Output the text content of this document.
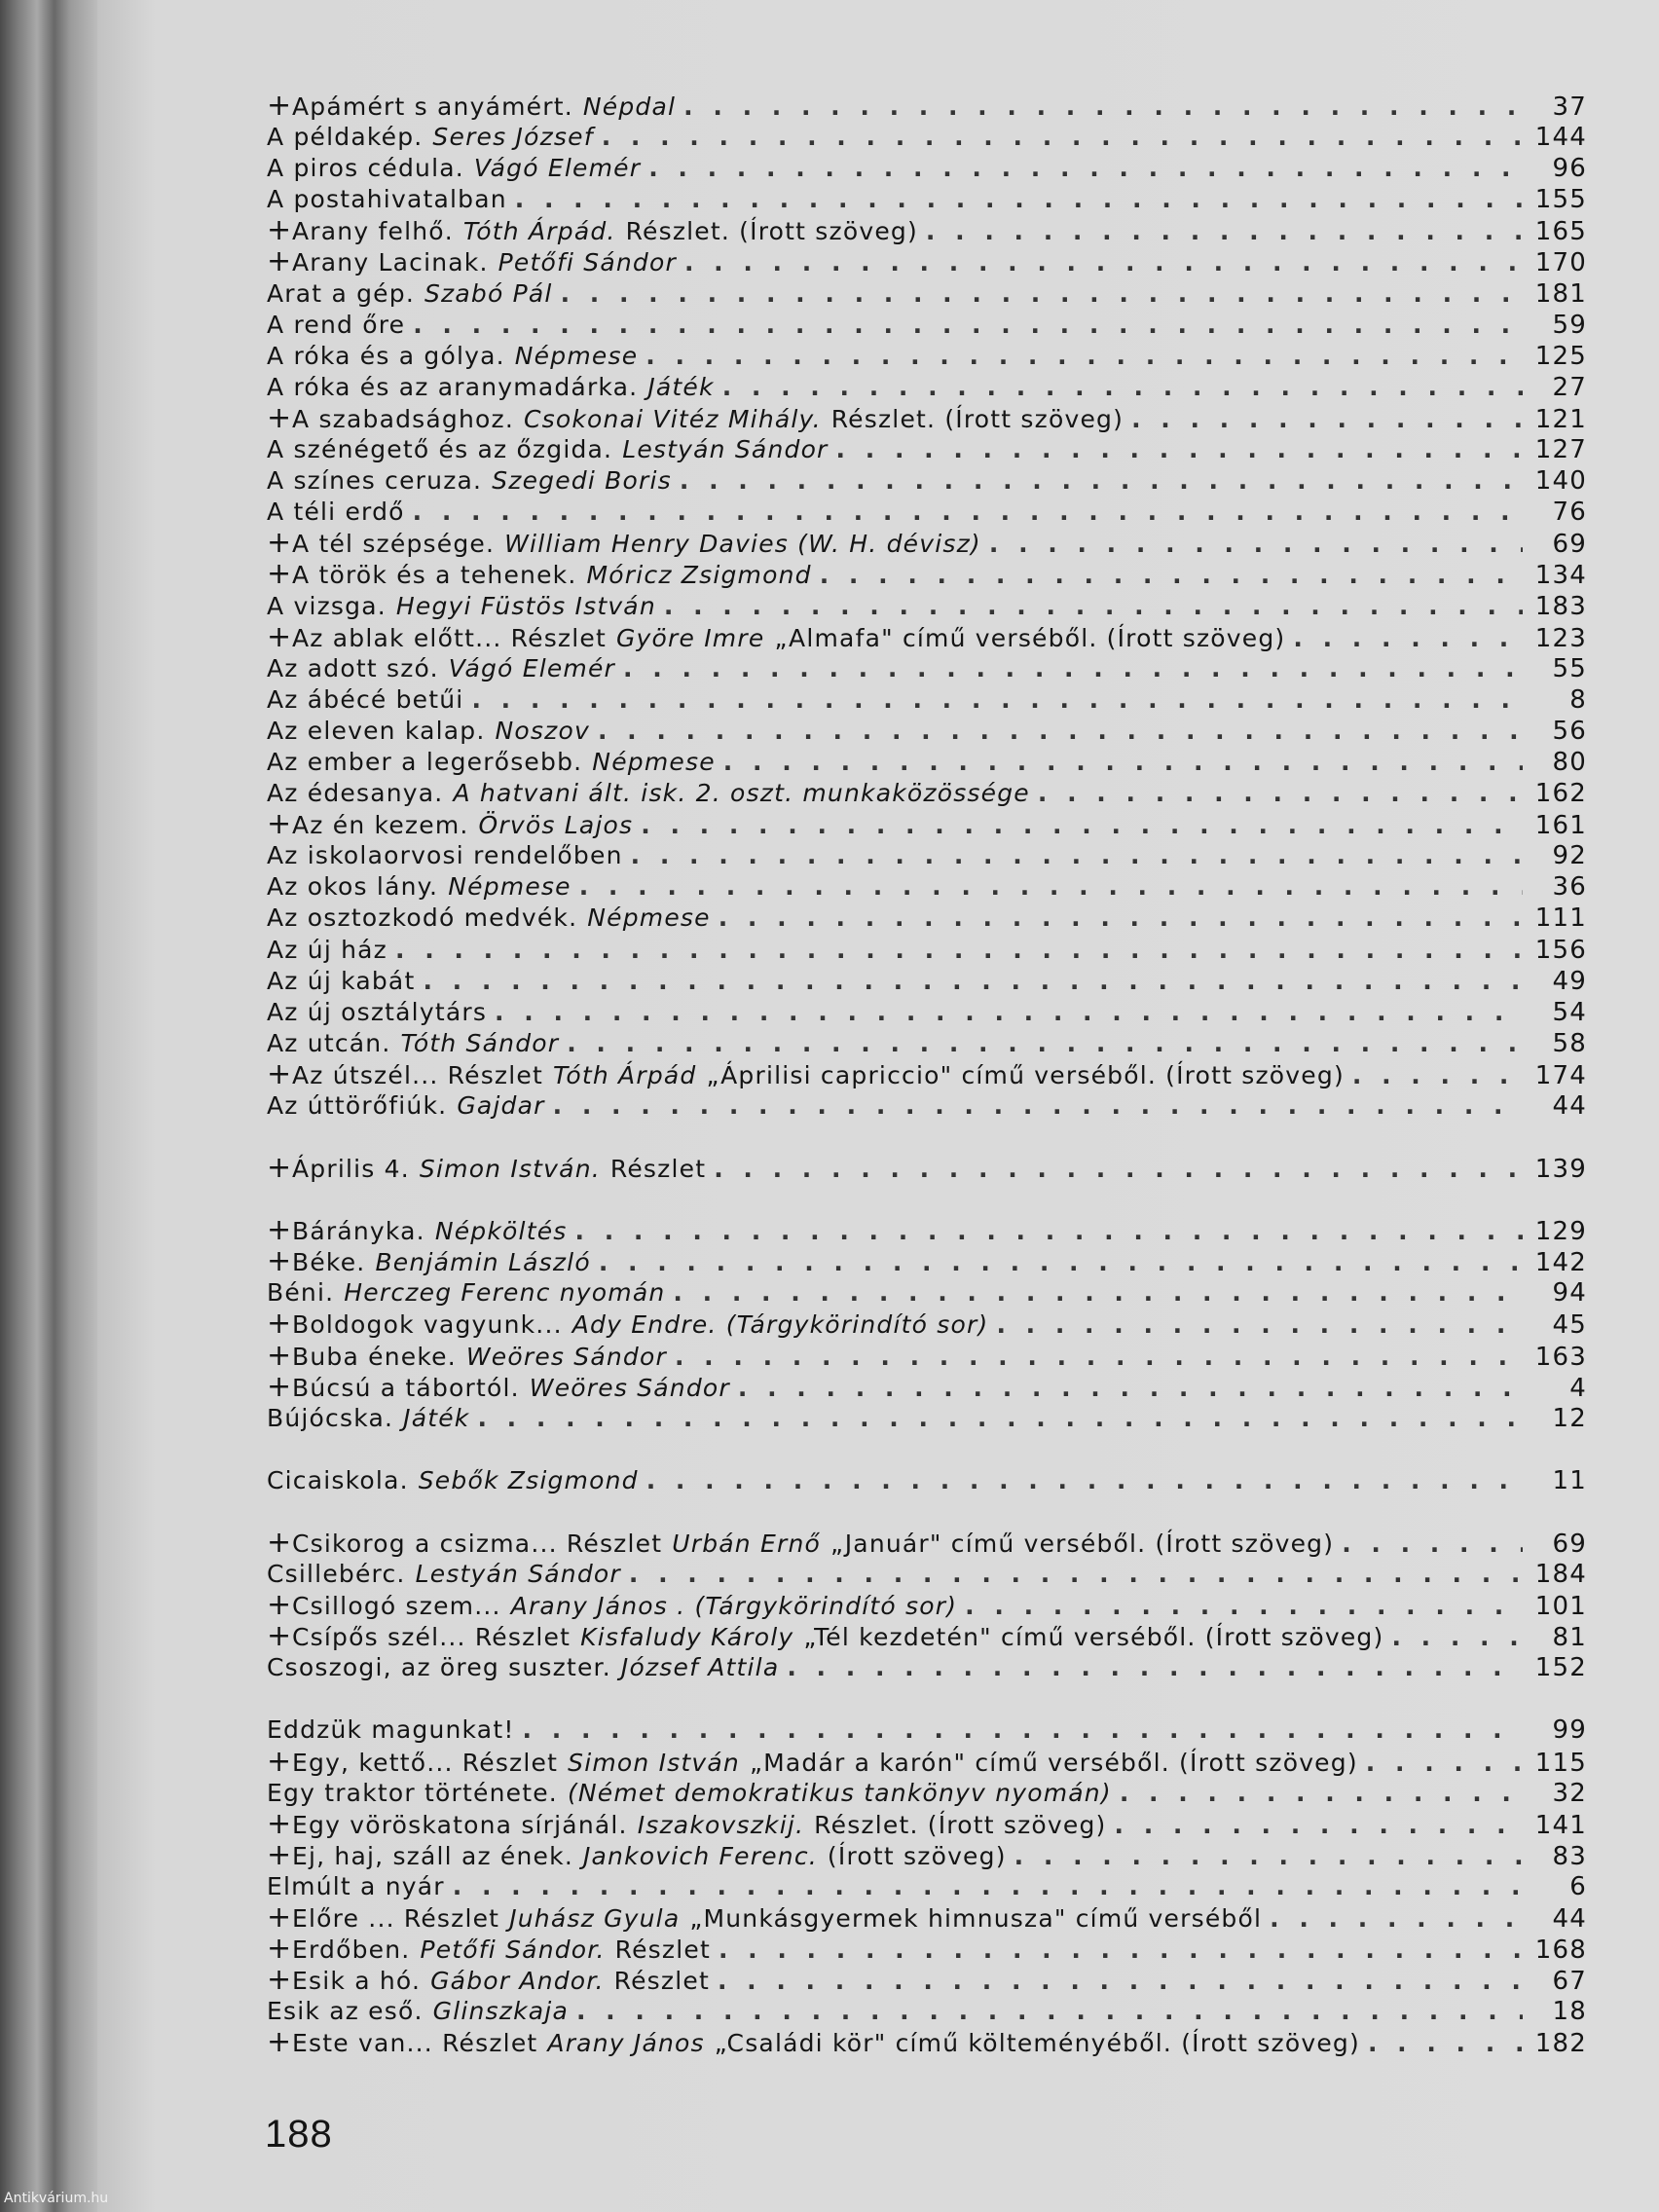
+ Apámért s anyámért. Népdal . . .	37
A példakép. Seres József . . .	144
A piros cédula. Vágó Elemér . . .	96
A postahivatalban . . .	155
+ Arany felhő. Tóth Árpád. Részlet. (Írott szöveg) . . .	165
+ Arany Lacinak. Petőfi Sándor . . .	170
Arat a gép. Szabó Pál . . .	181
A rend őre . . .	59
A róka és a gólya. Népmese . . .	125
A róka és az aranymadárka. Játék . . .	27
+ A szabadsághoz. Csokonai Vitéz Mihály. Részlet. (Írott szöveg) . . .	121
A szénégető és az őzgida. Lestyán Sándor . . .	127
A színes ceruza. Szegedi Boris . . .	140
A téli erdő . . .	76
+ A tél szépsége. William Henry Davies (W. H. dévisz) . . .	69
+ A török és a tehenek. Móricz Zsigmond . . .	134
A vizsga. Hegyi Füstös István . . .	183
+ Az ablak előtt... Részlet Györe Imre „Almafa" című verséből. (Írott szöveg) . . .	123
Az adott szó. Vágó Elemér . . .	55
Az ábécé betűi . . .	8
Az eleven kalap. Noszov . . .	56
Az ember a legerősebb. Népmese . . .	80
Az édesanya. A hatvani ált. isk. 2. oszt. munkaközössége . . .	162
+ Az én kezem. Örvös Lajos . . .	161
Az iskolaorvosi rendelőben . . .	92
Az okos lány. Népmese . . .	36
Az osztozkodó medvék. Népmese . . .	111
Az új ház . . .	156
Az új kabát . . .	49
Az új osztálytárs . . .	54
Az utcán. Tóth Sándor . . .	58
+ Az útszél... Részlet Tóth Árpád „Áprilisi capriccio" című verséből. (Írott szöveg) . . .	174
Az úttörőfiúk. Gajdar . . .	44
+ Április 4. Simon István. Részlet . . .	139
+ Bárányka. Népköltés . . .	129
+ Béke. Benjámin László . . .	142
Béni. Herczeg Ferenc nyomán . . .	94
+ Boldogok vagyunk... Ady Endre. (Tárgykörindító sor) . . .	45
+ Buba éneke. Weöres Sándor . . .	163
+ Búcsú a tábortól. Weöres Sándor . . .	4
Bújócska. Játék . . .	12
Cicaiskola. Sebők Zsigmond . . .	11
+ Csikorog a csizma... Részlet Urbán Ernő „Január" című verséből. (Írott szöveg) . . .	69
Csillebérc. Lestyán Sándor . . .	184
+ Csillogó szem... Arany János . (Tárgykörindító sor) . . .	101
+ Csípős szél... Részlet Kisfaludy Károly „Tél kezdetén" című verséből. (Írott szöveg) . . .	81
Csoszogi, az öreg suszter. József Attila . . .	152
Eddzük magunkat! . . .	99
+ Egy, kettő... Részlet Simon István „Madár a karón" című verséből. (Írott szöveg) . . .	115
Egy traktor története. (Német demokratikus tankönyv nyomán) . . .	32
+ Egy vöröskatona sírjánál. Iszakovszkij. Részlet. (Írott szöveg) . . .	141
+ Ej, haj, száll az ének. Jankovich Ferenc. (Írott szöveg) . . .	83
Elmúlt a nyár . . .	6
+ Előre ... Részlet Juhász Gyula „Munkásgyermek himnusza" című verséből . . .	44
+ Erdőben. Petőfi Sándor. Részlet . . .	168
+ Esik a hó. Gábor Andor. Részlet . . .	67
Esik az eső. Glinszkaja . . .	18
+ Este van... Részlet Arany János „Családi kör" című költeményéből. (Írott szöveg) . . .	182
188
Antikvárium.hu
